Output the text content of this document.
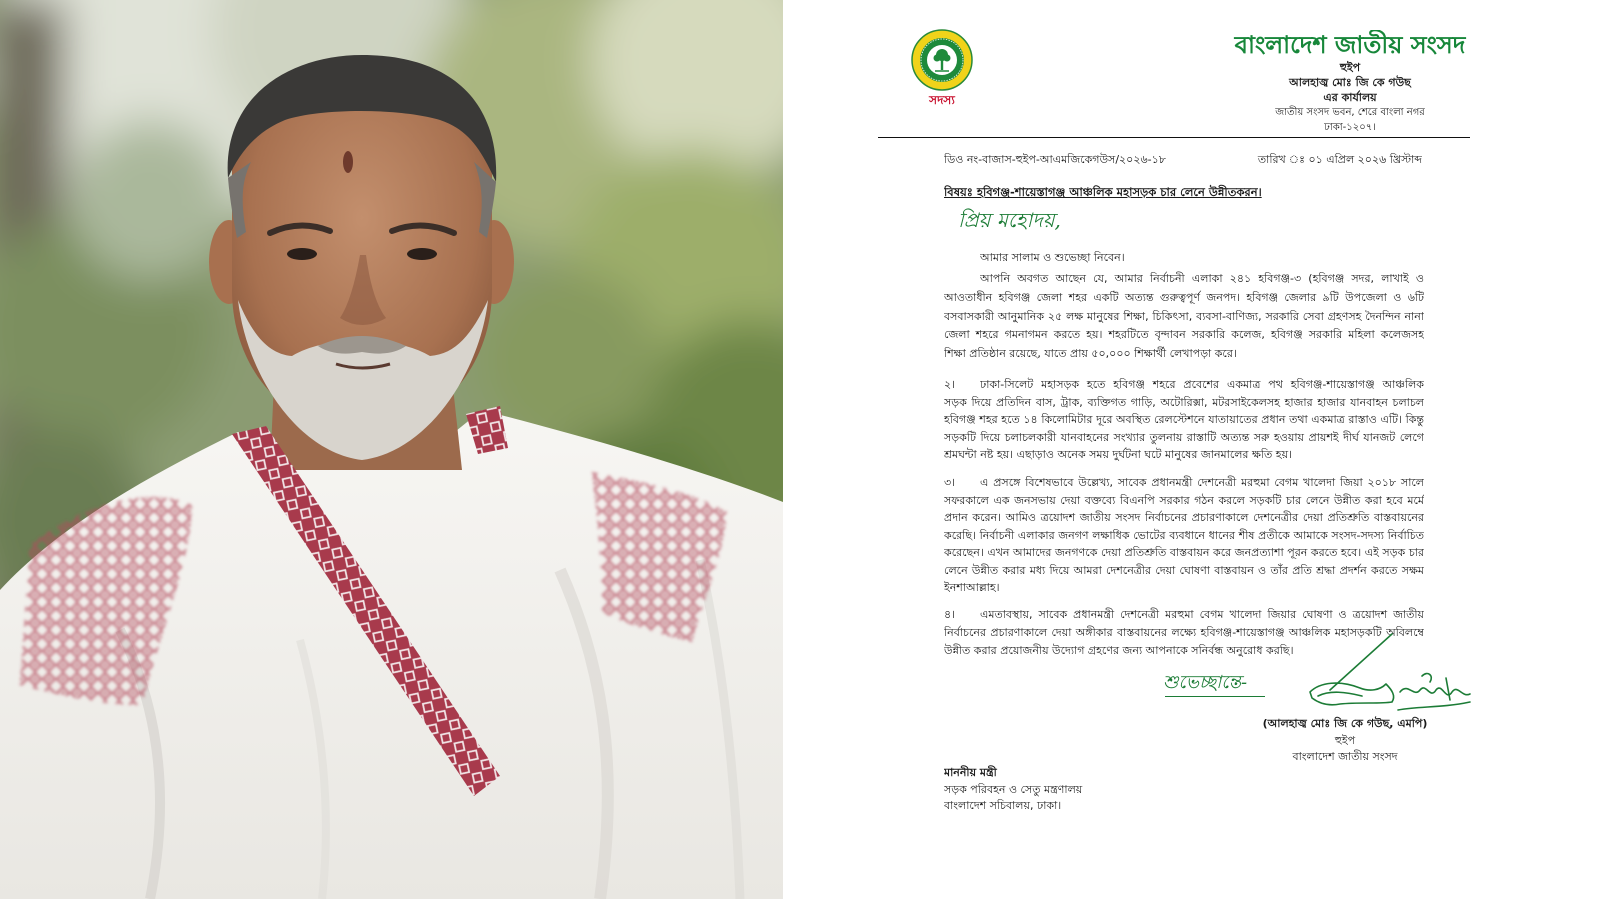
সদস্য
বাংলাদেশ জাতীয় সংসদ
হুইপ
আলহাজ্ব মোঃ জি কে গউছ
এর কার্যালয়
জাতীয় সংসদ ভবন, শেরে বাংলা নগর
ঢাকা-১২০৭।
ডিও নং-বাজাস-হুইপ-আএমজিকেগউস/২০২৬-১৮	তারিখ ঃ ০১ এপ্রিল ২০২৬ খ্রিস্টাব্দ
বিষয়ঃ হবিগঞ্জ-শায়েস্তাগঞ্জ আঞ্চলিক মহাসড়ক চার লেনে উন্নীতকরন।
প্রিয় মহোদয়,
আমার সালাম ও শুভেচ্ছা নিবেন।
আপনি অবগত আছেন যে, আমার নির্বাচনী এলাকা ২৪১ হবিগঞ্জ-৩ (হবিগঞ্জ সদর, লাখাই ও
আওতাধীন হবিগঞ্জ জেলা শহর একটি অত্যন্ত গুরুত্বপূর্ণ জনপদ। হবিগঞ্জ জেলার ৯টি উপজেলা ও ৬টি
বসবাসকারী আনুমানিক ২৫ লক্ষ মানুষের শিক্ষা, চিকিৎসা, ব্যবসা-বাণিজ্য, সরকারি সেবা গ্রহণসহ দৈনন্দিন নানা
জেলা শহরে গমনাগমন করতে হয়। শহরটিতে বৃন্দাবন সরকারি কলেজ, হবিগঞ্জ সরকারি মহিলা কলেজসহ
শিক্ষা প্রতিষ্ঠান রয়েছে, যাতে প্রায় ৫০,০০০ শিক্ষার্থী লেখাপড়া করে।
২।	ঢাকা-সিলেট মহাসড়ক হতে হবিগঞ্জ শহরে প্রবেশের একমাত্র পথ হবিগঞ্জ-শায়েস্তাগঞ্জ আঞ্চলিক
সড়ক দিয়ে প্রতিদিন বাস, ট্রাক, ব্যক্তিগত গাড়ি, অটোরিক্সা, মটরসাইকেলসহ হাজার হাজার যানবাহন চলাচল
হবিগঞ্জ শহর হতে ১৪ কিলোমিটার দূরে অবস্থিত রেলস্টেশনে যাতায়াতের প্রধান তথা একমাত্র রাস্তাও এটি। কিন্তু
সড়কটি দিয়ে চলাচলকারী যানবাহনের সংখ্যার তুলনায় রাস্তাটি অত্যন্ত সরু হওয়ায় প্রায়শই দীর্ঘ যানজট লেগে
শ্রমঘন্টা নষ্ট হয়। এছাড়াও অনেক সময় দুর্ঘটনা ঘটে মানুষের জানমালের ক্ষতি হয়।
৩।	এ প্রসঙ্গে বিশেষভাবে উল্লেখ্য, সাবেক প্রধানমন্ত্রী দেশনেত্রী মরহুমা বেগম খালেদা জিয়া ২০১৮ সালে
সফরকালে এক জনসভায় দেয়া বক্তব্যে বিএনপি সরকার গঠন করলে সড়কটি চার লেনে উন্নীত করা হবে মর্মে
প্রদান করেন। আমিও ত্রয়োদশ জাতীয় সংসদ নির্বাচনের প্রচারণাকালে দেশনেত্রীর দেয়া প্রতিশ্রুতি বাস্তবায়নের
করেছি। নির্বাচনী এলাকার জনগণ লক্ষাধিক ভোটের ব্যবধানে ধানের শীষ প্রতীকে আমাকে সংসদ-সদস্য নির্বাচিত
করেছেন। এখন আমাদের জনগণকে দেয়া প্রতিশ্রুতি বাস্তবায়ন করে জনপ্রত্যাশা পূরন করতে হবে। এই সড়ক চার
লেনে উন্নীত করার মধ্য দিয়ে আমরা দেশনেত্রীর দেয়া ঘোষণা বাস্তবায়ন ও তাঁর প্রতি শ্রদ্ধা প্রদর্শন করতে সক্ষম
ইনশাআল্লাহ।
৪।	এমতাবস্থায়, সাবেক প্রধানমন্ত্রী দেশনেত্রী মরহুমা বেগম খালেদা জিয়ার ঘোষণা ও ত্রয়োদশ জাতীয়
নির্বাচনের প্রচারণাকালে দেয়া অঙ্গীকার বাস্তবায়নের লক্ষ্যে হবিগঞ্জ-শায়েস্তাগঞ্জ আঞ্চলিক মহাসড়কটি অবিলম্বে
উন্নীত করার প্রয়োজনীয় উদ্যোগ গ্রহণের জন্য আপনাকে সনির্বন্ধ অনুরোধ করছি।
শুভেচ্ছান্তে-
(আলহাজ্ব মোঃ জি কে গউছ, এমপি)
হুইপ
বাংলাদেশ জাতীয় সংসদ
মাননীয় মন্ত্রী
সড়ক পরিবহন ও সেতু মন্ত্রণালয়
বাংলাদেশ সচিবালয়, ঢাকা।
